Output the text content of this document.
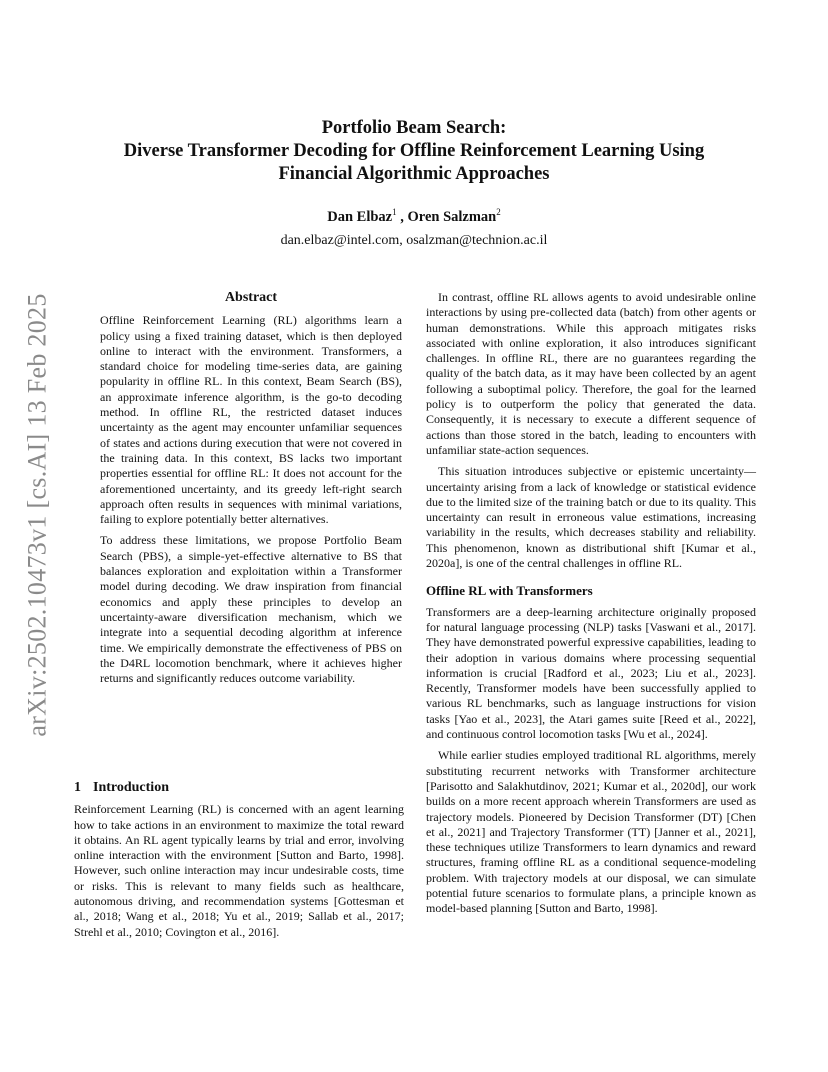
arXiv:2502.10473v1 [cs.AI] 13 Feb 2025
Portfolio Beam Search:
Diverse Transformer Decoding for Offline Reinforcement Learning Using
Financial Algorithmic Approaches
Dan Elbaz$^1$ , Oren Salzman$^2$
dan.elbaz@intel.com, osalzman@technion.ac.il
Abstract

Offline Reinforcement Learning (RL) algorithms learn a policy using a fixed training dataset, which is then deployed online to interact with the environment. Transformers, a standard choice for modeling time-series data, are gaining popularity in offline RL. In this context, Beam Search (BS), an approximate inference algorithm, is the go-to decoding method. In offline RL, the restricted dataset induces uncertainty as the agent may encounter unfamiliar sequences of states and actions during execution that were not covered in the training data. In this context, BS lacks two important properties essential for offline RL: It does not account for the aforementioned uncertainty, and its greedy left-right search approach often results in sequences with minimal variations, failing to explore potentially better alternatives.

To address these limitations, we propose Portfolio Beam Search (PBS), a simple-yet-effective alternative to BS that balances exploration and exploitation within a Transformer model during decoding. We draw inspiration from financial economics and apply these principles to develop an uncertainty-aware diversification mechanism, which we integrate into a sequential decoding algorithm at inference time. We empirically demonstrate the effectiveness of PBS on the D4RL locomotion benchmark, where it achieves higher returns and significantly reduces outcome variability.

1 Introduction

Reinforcement Learning (RL) is concerned with an agent learning how to take actions in an environment to maximize the total reward it obtains. An RL agent typically learns by trial and error, involving online interaction with the environment [Sutton and Barto, 1998]. However, such online interaction may incur undesirable costs, time or risks. This is relevant to many fields such as healthcare, autonomous driving, and recommendation systems [Gottesman et al., 2018; Wang et al., 2018; Yu et al., 2019; Sallab et al., 2017; Strehl et al., 2010; Covington et al., 2016].

In contrast, offline RL allows agents to avoid undesirable online interactions by using pre-collected data (batch) from other agents or human demonstrations. While this approach mitigates risks associated with online exploration, it also introduces significant challenges. In offline RL, there are no guarantees regarding the quality of the batch data, as it may have been collected by an agent following a suboptimal policy. Therefore, the goal for the learned policy is to outperform the policy that generated the data. Consequently, it is necessary to execute a different sequence of actions than those stored in the batch, leading to encounters with unfamiliar state-action sequences.

This situation introduces subjective or epistemic uncertainty—uncertainty arising from a lack of knowledge or statistical evidence due to the limited size of the training batch or due to its quality. This uncertainty can result in erroneous value estimations, increasing variability in the results, which decreases stability and reliability. This phenomenon, known as distributional shift [Kumar et al., 2020a], is one of the central challenges in offline RL.

Offline RL with Transformers

Transformers are a deep-learning architecture originally proposed for natural language processing (NLP) tasks [Vaswani et al., 2017]. They have demonstrated powerful expressive capabilities, leading to their adoption in various domains where processing sequential information is crucial [Radford et al., 2023; Liu et al., 2023]. Recently, Transformer models have been successfully applied to various RL benchmarks, such as language instructions for vision tasks [Yao et al., 2023], the Atari games suite [Reed et al., 2022], and continuous control locomotion tasks [Wu et al., 2024].

While earlier studies employed traditional RL algorithms, merely substituting recurrent networks with Transformer architecture [Parisotto and Salakhutdinov, 2021; Kumar et al., 2020d], our work builds on a more recent approach wherein Transformers are used as trajectory models. Pioneered by Decision Transformer (DT) [Chen et al., 2021] and Trajectory Transformer (TT) [Janner et al., 2021], these techniques utilize Transformers to learn dynamics and reward structures, framing offline RL as a conditional sequence-modeling problem. With trajectory models at our disposal, we can simulate potential future scenarios to formulate plans, a principle known as model-based planning [Sutton and Barto, 1998].
